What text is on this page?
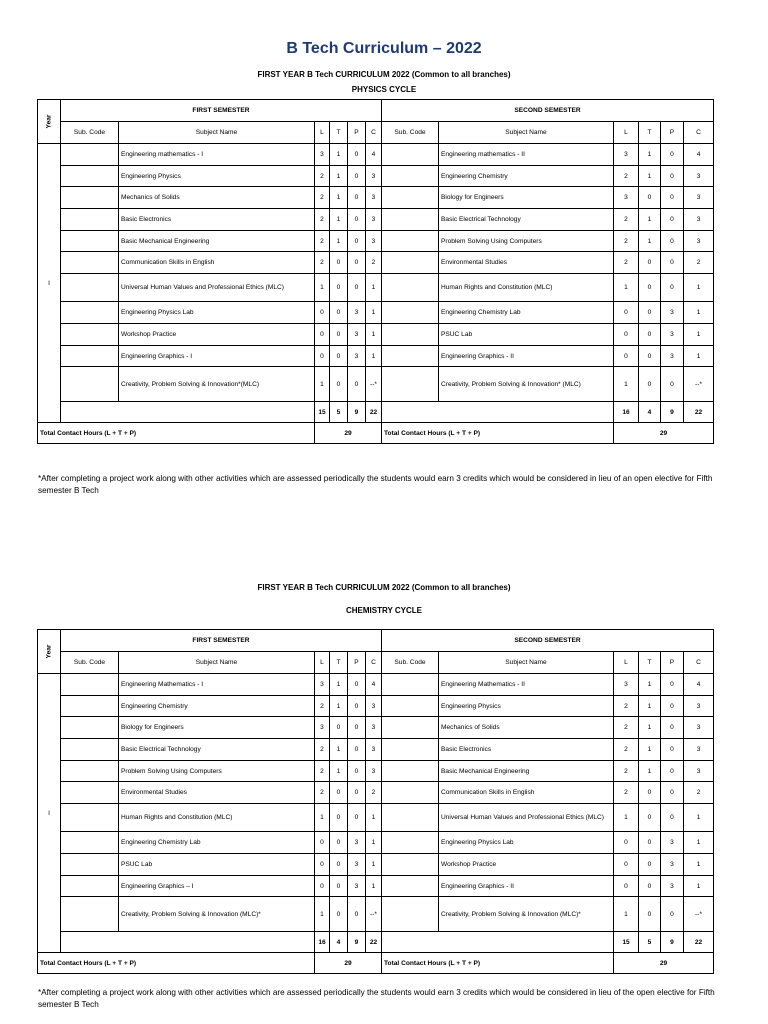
B Tech Curriculum – 2022
FIRST YEAR B Tech CURRICULUM 2022 (Common to all branches)
PHYSICS CYCLE
Year	FIRST SEMESTER						SECOND SEMESTER					
	Sub. Code	Subject Name	L	T	P	C	Sub. Code	Subject Name	L	T	P	C
I		Engineering mathematics - I	3	1	0	4		Engineering mathematics - II	3	1	0	4
		Engineering Physics	2	1	0	3		Engineering Chemistry	2	1	0	3
		Mechanics of Solids	2	1	0	3		Biology for Engineers	3	0	0	3
		Basic Electronics	2	1	0	3		Basic Electrical Technology	2	1	0	3
		Basic Mechanical Engineering	2	1	0	3		Problem Solving Using Computers	2	1	0	3
		Communication Skills in English	2	0	0	2		Environmental Studies	2	0	0	2
		Universal Human Values and Professional Ethics (MLC)	1	0	0	1		Human Rights and Constitution (MLC)	1	0	0	1
		Engineering Physics Lab	0	0	3	1		Engineering Chemistry Lab	0	0	3	1
		Workshop Practice	0	0	3	1		PSUC Lab	0	0	3	1
		Engineering Graphics - I	0	0	3	1		Engineering Graphics - II	0	0	3	1
		Creativity, Problem Solving & Innovation*(MLC)	1	0	0	--*		Creativity, Problem Solving & Innovation* (MLC)	1	0	0	--*
			15	5	9	22			16	4	9	22
Total Contact Hours (L + T + P)			29				Total Contact Hours (L + T + P)		29			
*After completing a project work along with other activities which are assessed periodically the students would earn 3 credits which would be considered in lieu of an open elective for Fifth semester B Tech
FIRST YEAR B Tech CURRICULUM 2022 (Common to all branches)
CHEMISTRY CYCLE
Year	FIRST SEMESTER						SECOND SEMESTER					
	Sub. Code	Subject Name	L	T	P	C	Sub. Code	Subject Name	L	T	P	C
I		Engineering Mathematics - I	3	1	0	4		Engineering Mathematics - II	3	1	0	4
		Engineering Chemistry	2	1	0	3		Engineering Physics	2	1	0	3
		Biology for Engineers	3	0	0	3		Mechanics of Solids	2	1	0	3
		Basic Electrical Technology	2	1	0	3		Basic Electronics	2	1	0	3
		Problem Solving Using Computers	2	1	0	3		Basic Mechanical Engineering	2	1	0	3
		Environmental Studies	2	0	0	2		Communication Skills in English	2	0	0	2
		Human Rights and Constitution (MLC)	1	0	0	1		Universal Human Values and Professional Ethics (MLC)	1	0	0	1
		Engineering Chemistry Lab	0	0	3	1		Engineering Physics Lab	0	0	3	1
		PSUC Lab	0	0	3	1		Workshop Practice	0	0	3	1
		Engineering Graphics – I	0	0	3	1		Engineering Graphics - II	0	0	3	1
		Creativity, Problem Solving & Innovation (MLC)*	1	0	0	--*		Creativity, Problem Solving & Innovation (MLC)*	1	0	0	--*
			16	4	9	22			15	5	9	22
Total Contact Hours (L + T + P)			29				Total Contact Hours (L + T + P)		29			
*After completing a project work along with other activities which are assessed periodically the students would earn 3 credits which would be considered in lieu of the open elective for Fifth semester B Tech
